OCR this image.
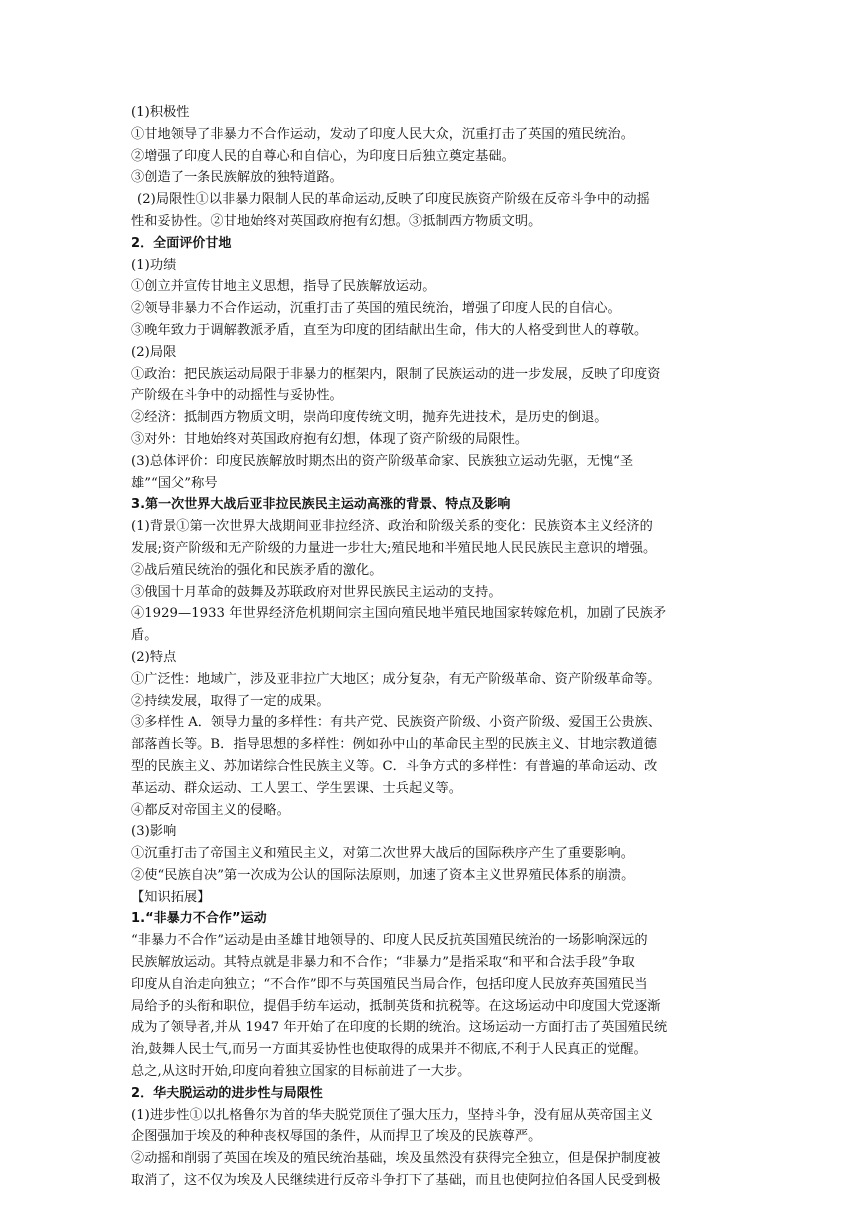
(1)积极性
①甘地领导了非暴力不合作运动，发动了印度人民大众，沉重打击了英国的殖民统治。
②增强了印度人民的自尊心和自信心，为印度日后独立奠定基础。
③创造了一条民族解放的独特道路。
(2)局限性①以非暴力限制人民的革命运动,反映了印度民族资产阶级在反帝斗争中的动摇
性和妥协性。②甘地始终对英国政府抱有幻想。③抵制西方物质文明。
2．全面评价甘地
(1)功绩
①创立并宣传甘地主义思想，指导了民族解放运动。
②领导非暴力不合作运动，沉重打击了英国的殖民统治，增强了印度人民的自信心。
③晚年致力于调解教派矛盾，直至为印度的团结献出生命，伟大的人格受到世人的尊敬。
(2)局限
①政治：把民族运动局限于非暴力的框架内，限制了民族运动的进一步发展，反映了印度资
产阶级在斗争中的动摇性与妥协性。
②经济：抵制西方物质文明，崇尚印度传统文明，抛弃先进技术，是历史的倒退。
③对外：甘地始终对英国政府抱有幻想，体现了资产阶级的局限性。
(3)总体评价：印度民族解放时期杰出的资产阶级革命家、民族独立运动先驱，无愧“圣
雄”“国父”称号
3.第一次世界大战后亚非拉民族民主运动高涨的背景、特点及影响
(1)背景①第一次世界大战期间亚非拉经济、政治和阶级关系的变化：民族资本主义经济的
发展;资产阶级和无产阶级的力量进一步壮大;殖民地和半殖民地人民民族民主意识的增强。
②战后殖民统治的强化和民族矛盾的激化。
③俄国十月革命的鼓舞及苏联政府对世界民族民主运动的支持。
④1929—1933 年世界经济危机期间宗主国向殖民地半殖民地国家转嫁危机，加剧了民族矛
盾。
(2)特点
①广泛性：地域广，涉及亚非拉广大地区；成分复杂，有无产阶级革命、资产阶级革命等。
②持续发展，取得了一定的成果。
③多样性 A．领导力量的多样性：有共产党、民族资产阶级、小资产阶级、爱国王公贵族、
部落酋长等。B．指导思想的多样性：例如孙中山的革命民主型的民族主义、甘地宗教道德
型的民族主义、苏加诺综合性民族主义等。C．斗争方式的多样性：有普遍的革命运动、改
革运动、群众运动、工人罢工、学生罢课、士兵起义等。
④都反对帝国主义的侵略。
(3)影响
①沉重打击了帝国主义和殖民主义，对第二次世界大战后的国际秩序产生了重要影响。
②使“民族自决”第一次成为公认的国际法原则，加速了资本主义世界殖民体系的崩溃。
【知识拓展】
1.“非暴力不合作”运动
“非暴力不合作”运动是由圣雄甘地领导的、印度人民反抗英国殖民统治的一场影响深远的
民族解放运动。其特点就是非暴力和不合作；“非暴力”是指采取“和平和合法手段”争取
印度从自治走向独立；“不合作”即不与英国殖民当局合作，包括印度人民放弃英国殖民当
局给予的头衔和职位，提倡手纺车运动，抵制英货和抗税等。在这场运动中印度国大党逐渐
成为了领导者,并从 1947 年开始了在印度的长期的统治。这场运动一方面打击了英国殖民统
治,鼓舞人民士气,而另一方面其妥协性也使取得的成果并不彻底,不利于人民真正的觉醒。
总之,从这时开始,印度向着独立国家的目标前进了一大步。
2．华夫脱运动的进步性与局限性
(1)进步性①以扎格鲁尔为首的华夫脱党顶住了强大压力，坚持斗争，没有屈从英帝国主义
企图强加于埃及的种种丧权辱国的条件，从而捍卫了埃及的民族尊严。
②动摇和削弱了英国在埃及的殖民统治基础，埃及虽然没有获得完全独立，但是保护制度被
取消了，这不仅为埃及人民继续进行反帝斗争打下了基础，而且也使阿拉伯各国人民受到极
